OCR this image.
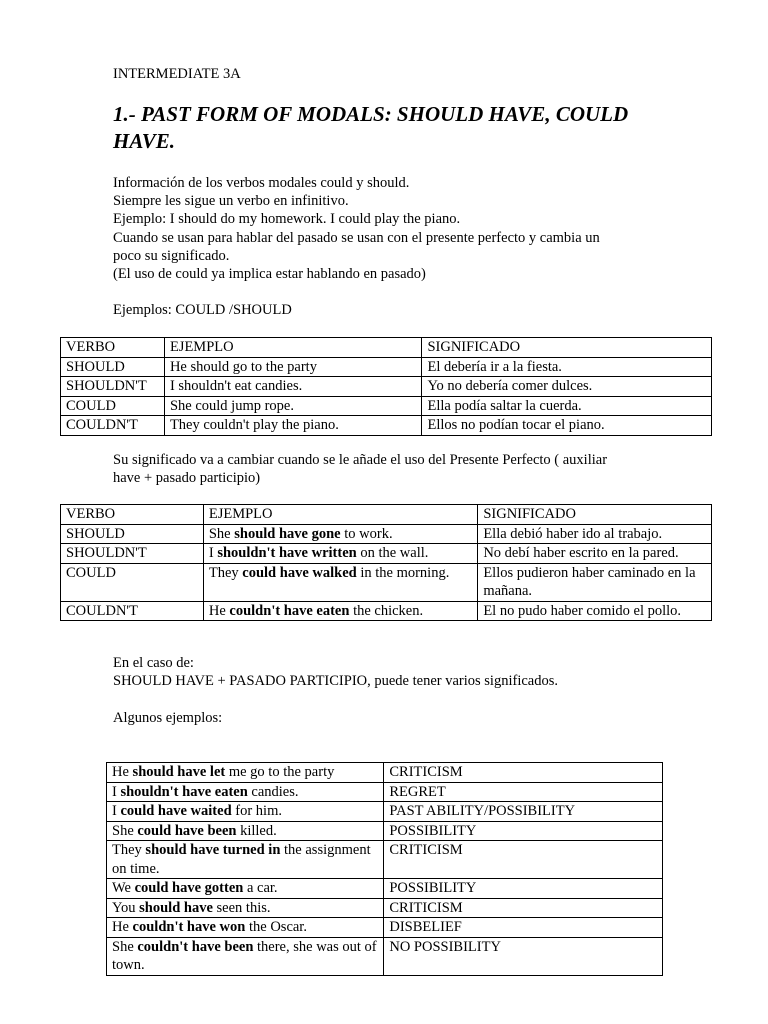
INTERMEDIATE 3A
1.- PAST FORM OF MODALS: SHOULD HAVE, COULD HAVE.
Información de los verbos modales could y should.
Siempre les sigue un verbo en infinitivo.
Ejemplo: I should do my homework. I could play the piano.
Cuando se usan para hablar del pasado se usan con el presente perfecto y cambia un
poco su significado.
(El uso de could ya implica estar hablando en pasado)
Ejemplos: COULD /SHOULD
VERBO	EJEMPLO	SIGNIFICADO
SHOULD	He should go to the party	El debería ir a la fiesta.
SHOULDN'T	I shouldn't eat candies.	Yo no debería comer dulces.
COULD	She could jump rope.	Ella podía saltar la cuerda.
COULDN'T	They couldn't play the piano.	Ellos no podían tocar el piano.
Su significado va a cambiar cuando se le añade el uso del Presente Perfecto ( auxiliar
have + pasado participio)
VERBO	EJEMPLO	SIGNIFICADO
SHOULD	She should have gone to work.	Ella debió haber ido al trabajo.
SHOULDN'T	I shouldn't have written on the wall.	No debí haber escrito en la pared.
COULD	They could have walked in the morning.	Ellos pudieron haber caminado en la mañana.
COULDN'T	He couldn't have eaten the chicken.	El no pudo haber comido el pollo.
En el caso de:
SHOULD HAVE + PASADO PARTICIPIO, puede tener varios significados.
Algunos ejemplos:
He should have let me go to the party	CRITICISM
I shouldn't have eaten candies.	REGRET
I could have waited for him.	PAST ABILITY/POSSIBILITY
She could have been killed.	POSSIBILITY
They should have turned in the assignment on time.	CRITICISM
We could have gotten a car.	POSSIBILITY
You should have seen this.	CRITICISM
He couldn't have won the Oscar.	DISBELIEF
She couldn't have been there, she was out of town.	NO POSSIBILITY
